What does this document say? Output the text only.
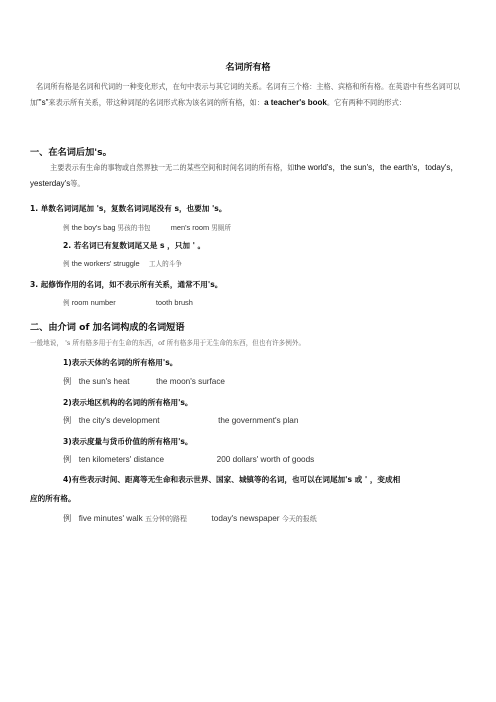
名词所有格
名词所有格是名词和代词的一种变化形式，在句中表示与其它词的关系。名词有三个格：主格、宾格和所有格。在英语中有些名词可以加"'s"来表示所有关系，带这种词尾的名词形式称为该名词的所有格，如：a teacher's book。它有两种不同的形式：
一、在名词后加's。
主要表示有生命的事物或自然界独一无二的某些空间和时间名词的所有格，如the world's，the sun's，the earth's，today's，yesterday's等。
1. 单数名词词尾加 's，复数名词词尾没有 s，也要加 's。
例 the boy's bag 男孩的书包	men's room 男厕所
2. 若名词已有复数词尾又是 s ，只加 ' 。
例 the workers' struggle 工人的斗争
3. 起修饰作用的名词，如不表示所有关系，通常不用's。
例 room number	tooth brush
二、由介词 of 加名词构成的名词短语
一般地说， 's 所有格多用于有生命的东西，of 所有格多用于无生命的东西，但也有许多例外。
1)表示天体的名词的所有格用's。
例 the sun's heat	the moon's surface
2)表示地区机构的名词的所有格用's。
例 the city's development	the government's plan
3)表示度量与货币价值的所有格用's。
例 ten kilometers' distance	200 dollars' worth of goods
4)有些表示时间、距离等无生命和表示世界、国家、城镇等的名词，也可以在词尾加's 或 ' ，变成相
应的所有格。
例 five minutes' walk 五分钟的路程	today's newspaper 今天的报纸
